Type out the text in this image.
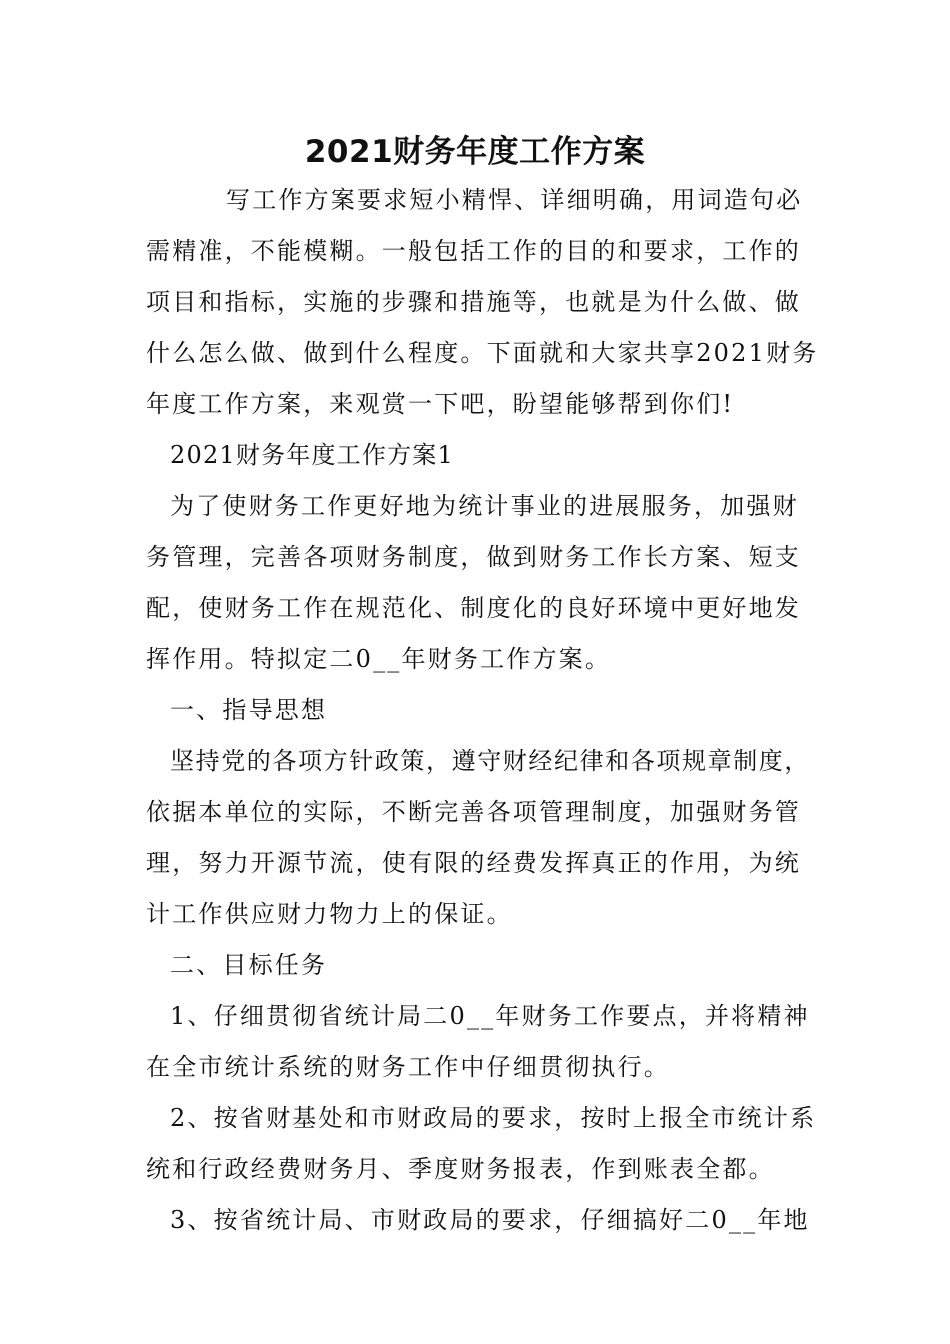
2021财务年度工作方案
写工作方案要求短小精悍、详细明确，用词造句必
需精准，不能模糊。一般包括工作的目的和要求，工作的
项目和指标，实施的步骤和措施等，也就是为什么做、做
什么怎么做、做到什么程度。下面就和大家共享2021财务
年度工作方案，来观赏一下吧，盼望能够帮到你们!
2021财务年度工作方案1
为了使财务工作更好地为统计事业的进展服务，加强财
务管理，完善各项财务制度，做到财务工作长方案、短支
配，使财务工作在规范化、制度化的良好环境中更好地发
挥作用。特拟定二0__年财务工作方案。
一、指导思想
坚持党的各项方针政策，遵守财经纪律和各项规章制度，
依据本单位的实际，不断完善各项管理制度，加强财务管
理，努力开源节流，使有限的经费发挥真正的作用，为统
计工作供应财力物力上的保证。
二、目标任务
1、仔细贯彻省统计局二0__年财务工作要点，并将精神
在全市统计系统的财务工作中仔细贯彻执行。
2、按省财基处和市财政局的要求，按时上报全市统计系
统和行政经费财务月、季度财务报表，作到账表全都。
3、按省统计局、市财政局的要求，仔细搞好二0__年地
